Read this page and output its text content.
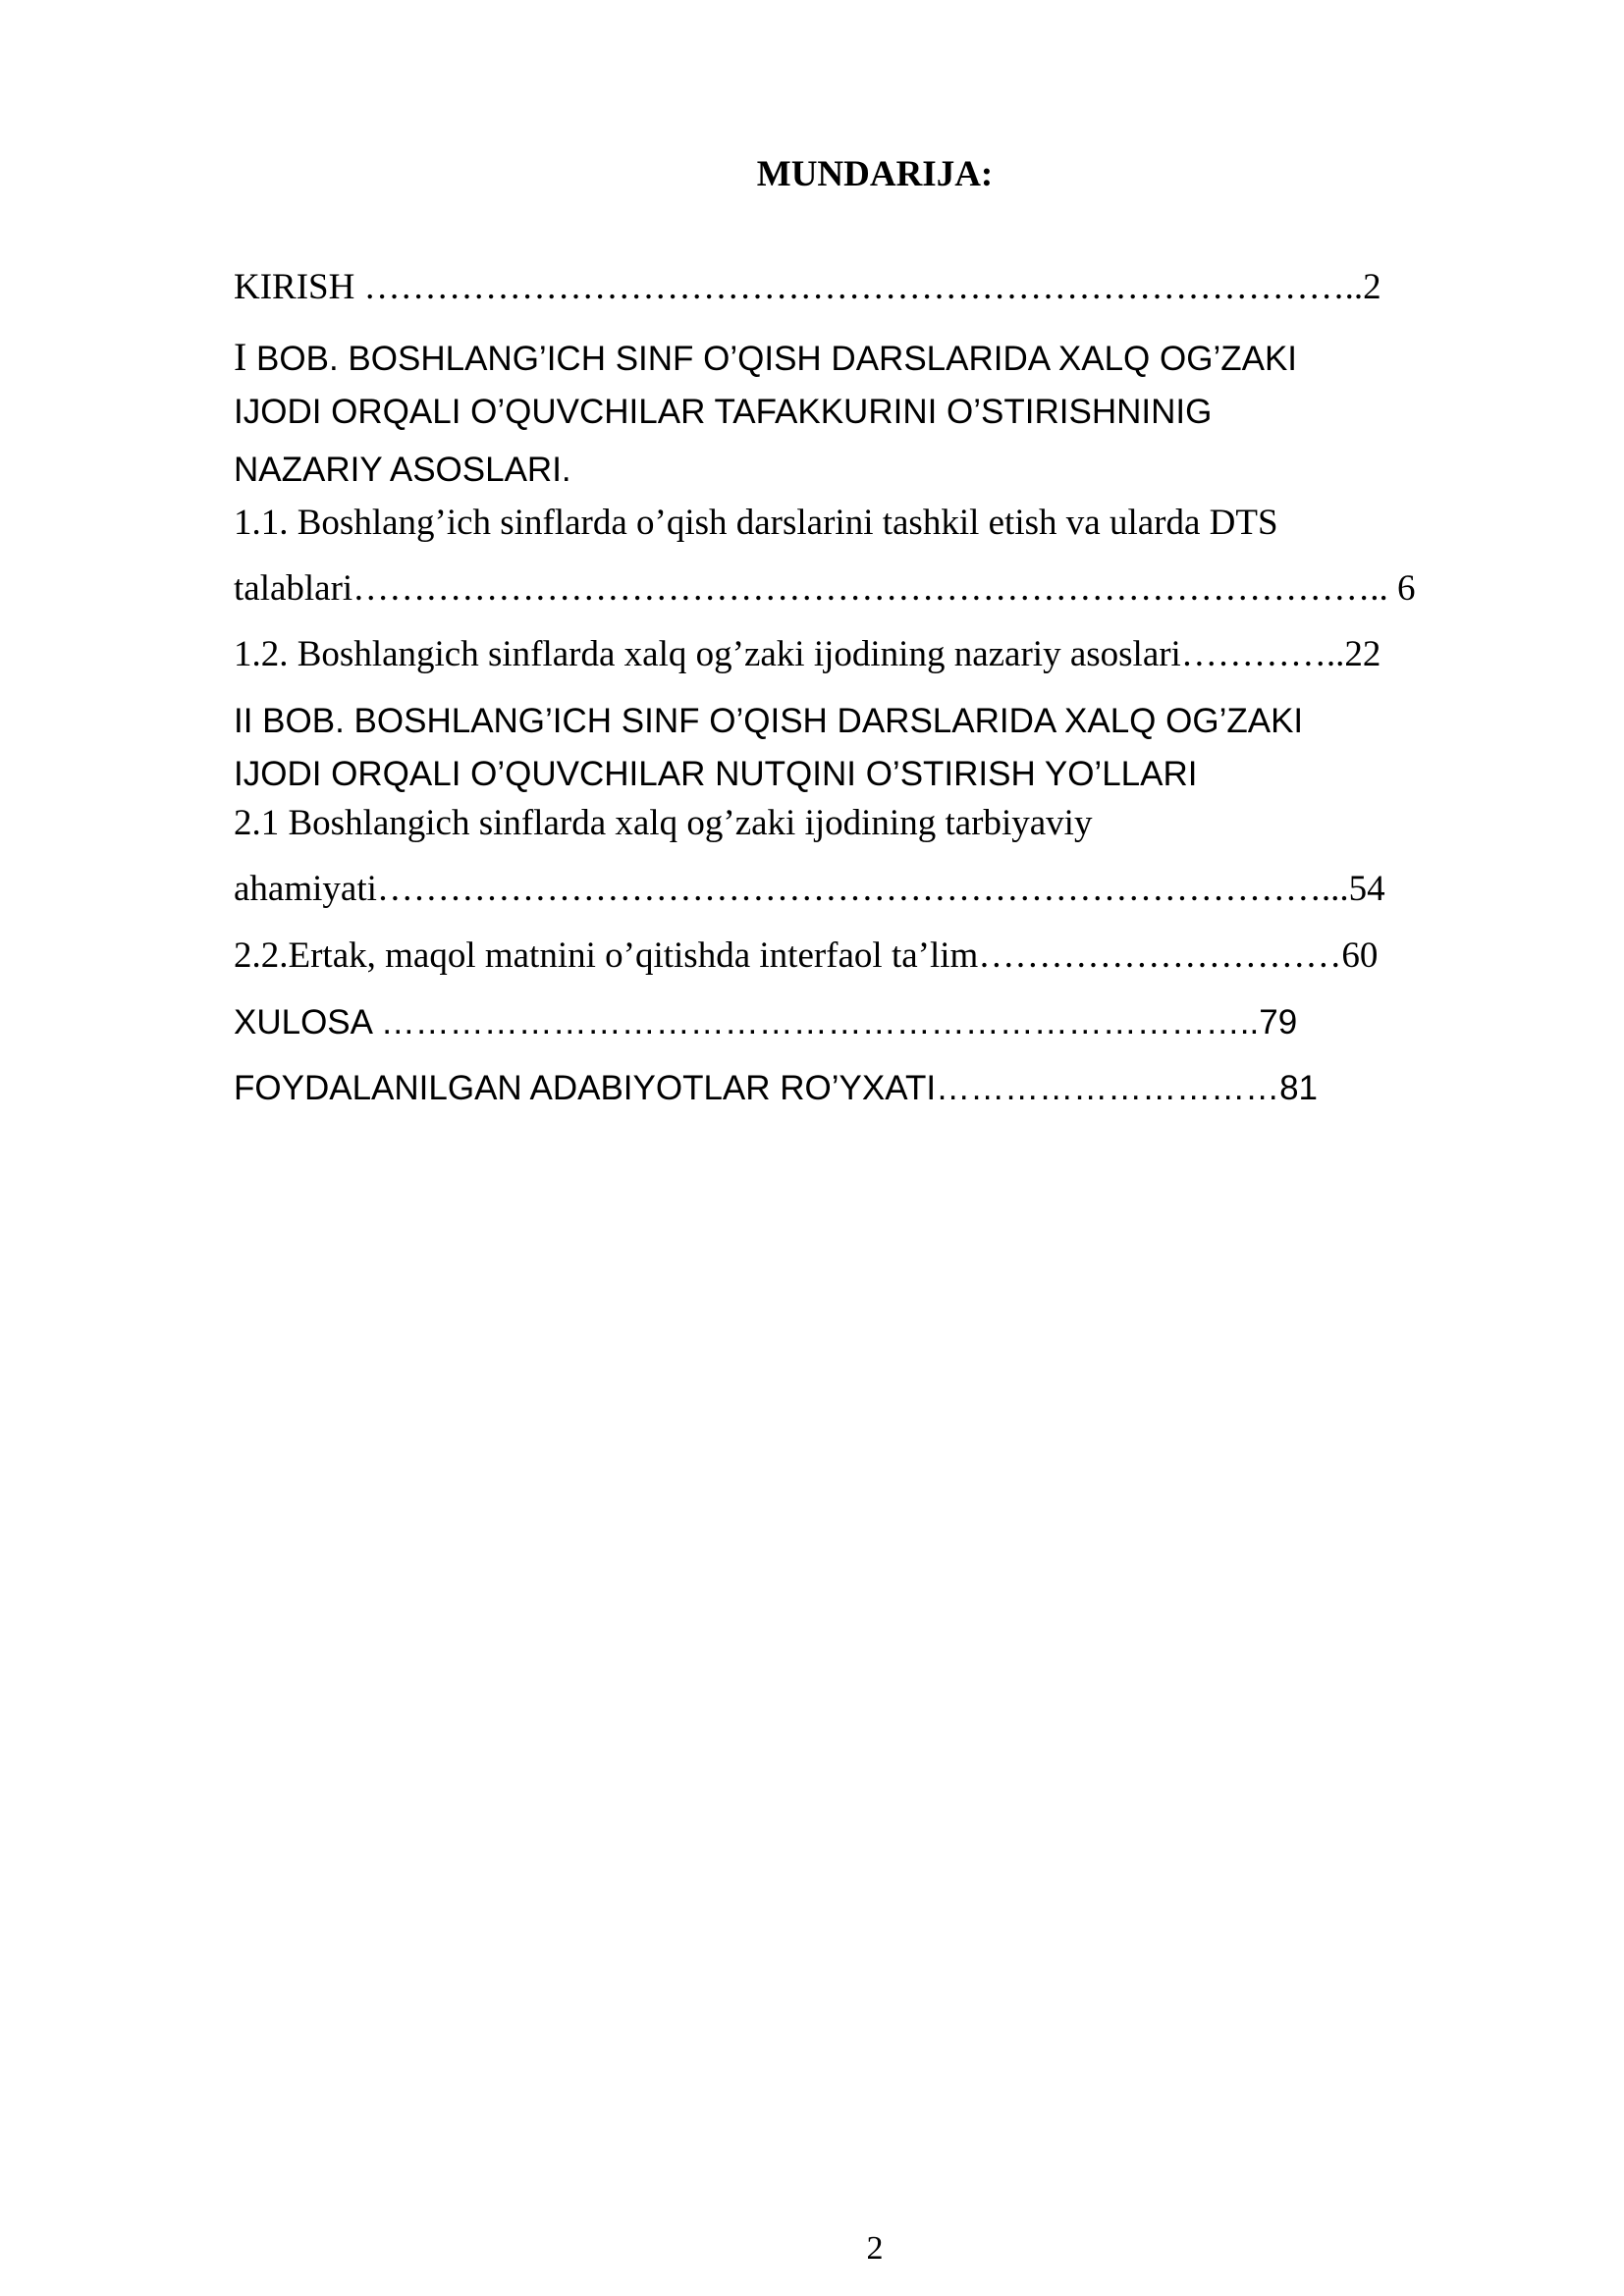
MUNDARIJA:
KIRISH ………………………………………………………………………..2
I BOB. BOSHLANG’ICH SINF O’QISH DARSLARIDA XALQ OG’ZAKI
IJODI ORQALI O’QUVCHILAR TAFAKKURINI O’STIRISHNINIG
NAZARIY ASOSLARI.
1.1. Boshlang’ich sinflarda o’qish darslarini tashkil etish va ularda DTS
talablari………………………………………………………………………….. 6
1.2. Boshlangich sinflarda xalq og’zaki ijodining nazariy asoslari…………..22
II BOB. BOSHLANG’ICH SINF O’QISH DARSLARIDA XALQ OG’ZAKI
IJODI ORQALI O’QUVCHILAR NUTQINI O’STIRISH YO’LLARI
2.1 Boshlangich sinflarda xalq og’zaki ijodining tarbiyaviy
ahamiyati……………………………………………………………………...54
2.2.Ertak, maqol matnini o’qitishda interfaol ta’lim…………………………60
XULOSA …………………………………………………………………..79
FOYDALANILGAN ADABIYOTLAR RO’YXATI…………………………81
2
